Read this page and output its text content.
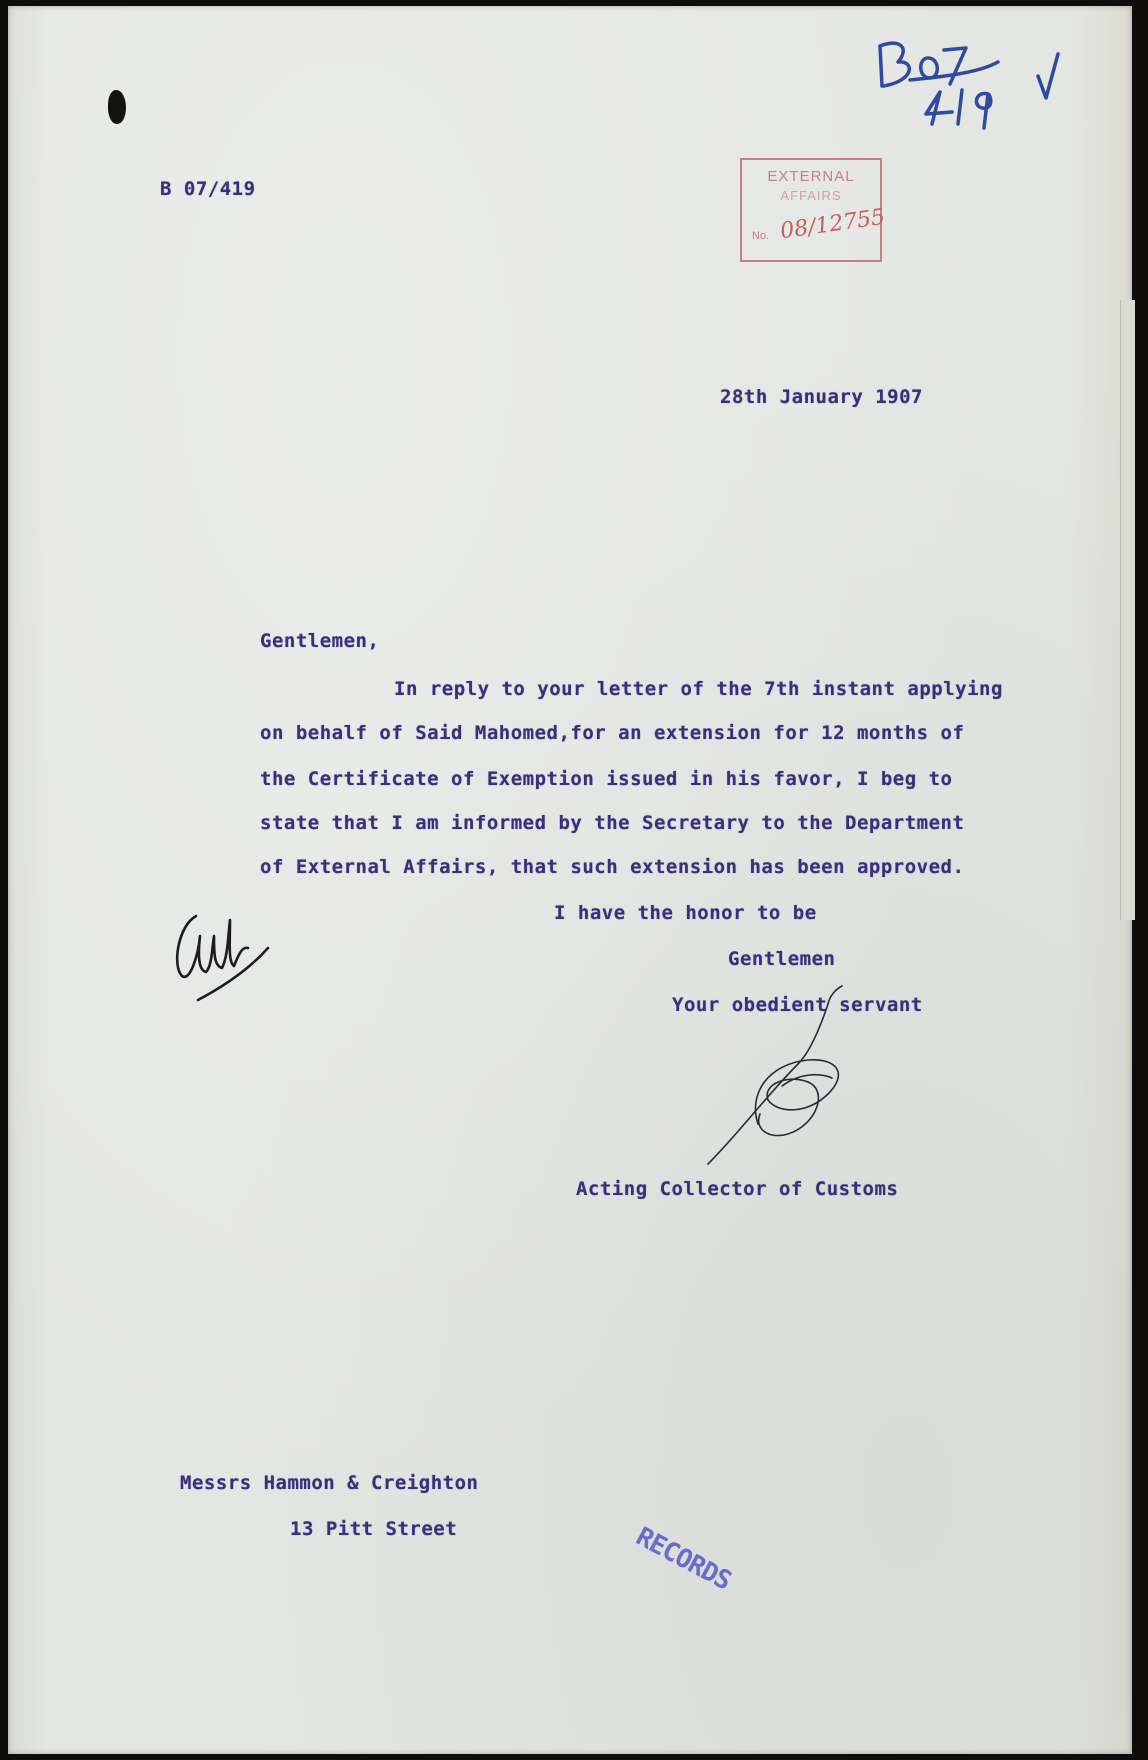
B 07/419
EXTERNAL
AFFAIRS
No. 08/12755
28th January 1907
Gentlemen,
In reply to your letter of the 7th instant applying
on behalf of Said Mahomed,for an extension for 12 months of
the Certificate of Exemption issued in his favor, I beg to
state that I am informed by the Secretary to the Department
of External Affairs, that such extension has been approved.
I have the honor to be
Gentlemen
Your obedient servant
Acting Collector of Customs
Messrs Hammon & Creighton
13 Pitt Street	RECORDS
